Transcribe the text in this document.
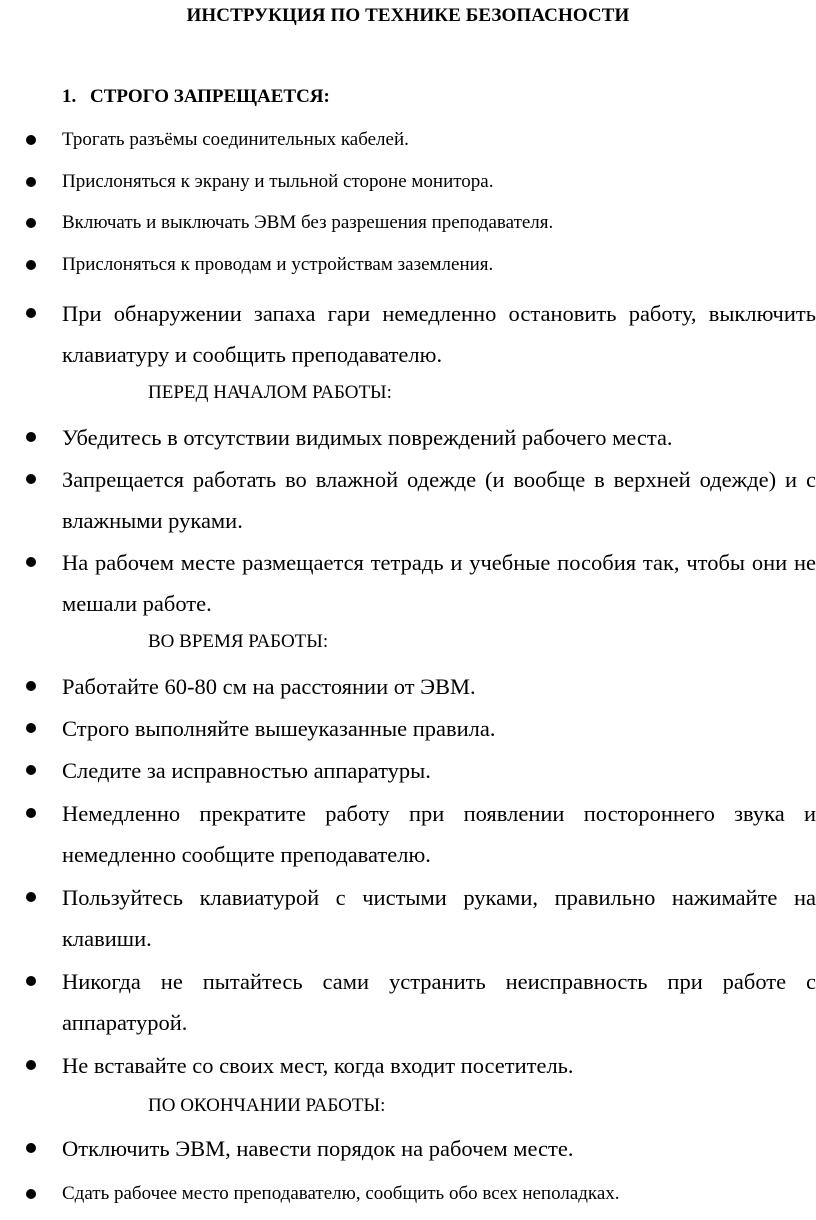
ИНСТРУКЦИЯ ПО ТЕХНИКЕ БЕЗОПАСНОСТИ
1. СТРОГО ЗАПРЕЩАЕТСЯ:

Трогать разъёмы соединительных кабелей.

Прислоняться к экрану и тыльной стороне монитора.

Включать и выключать ЭВМ без разрешения преподавателя.

Прислоняться к проводам и устройствам заземления.

При обнаружении запаха гари немедленно остановить работу, выключить клавиатуру и сообщить преподавателю.

ПЕРЕД НАЧАЛОМ РАБОТЫ:

Убедитесь в отсутствии видимых повреждений рабочего места.

Запрещается работать во влажной одежде (и вообще в верхней одежде) и с влажными руками.

На рабочем месте размещается тетрадь и учебные пособия так, чтобы они не мешали работе.

ВО ВРЕМЯ РАБОТЫ:

Работайте 60-80 см на расстоянии от ЭВМ.

Строго выполняйте вышеуказанные правила.

Следите за исправностью аппаратуры.

Немедленно прекратите работу при появлении постороннего звука и немедленно сообщите преподавателю.

Пользуйтесь клавиатурой с чистыми руками, правильно нажимайте на клавиши.

Никогда не пытайтесь сами устранить неисправность при работе с аппаратурой.

Не вставайте со своих мест, когда входит посетитель.

ПО ОКОНЧАНИИ РАБОТЫ:

Отключить ЭВМ, навести порядок на рабочем месте.

Сдать рабочее место преподавателю, сообщить обо всех неполадках.
